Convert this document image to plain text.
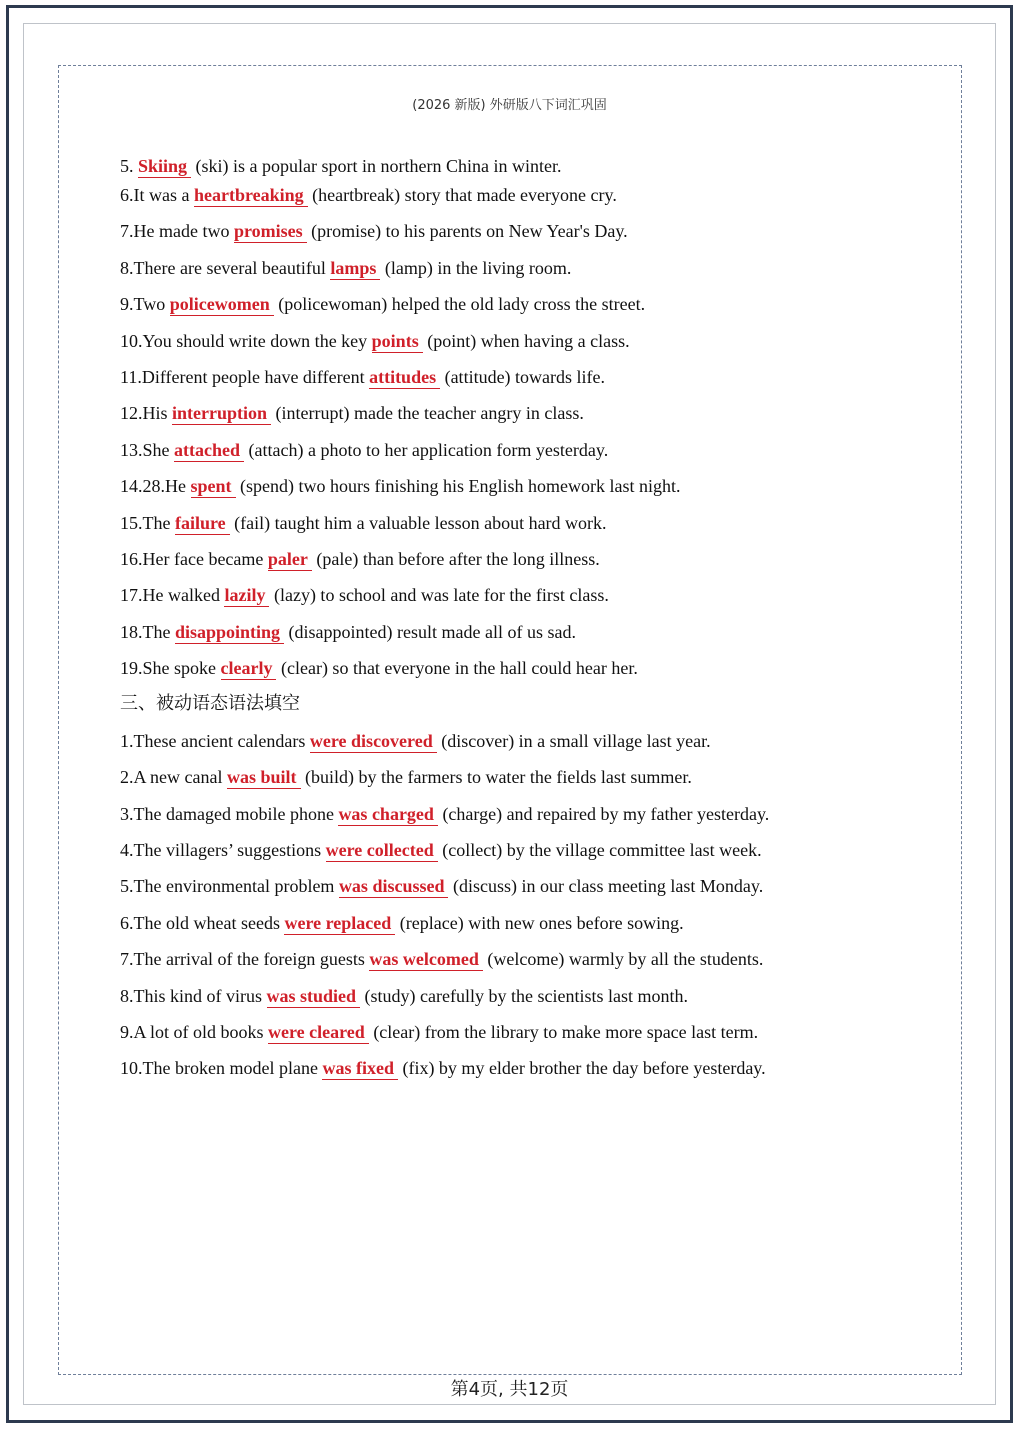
(2026 新版) 外研版八下词汇巩固
5. Skiing (ski) is a popular sport in northern China in winter.
6.It was a heartbreaking (heartbreak) story that made everyone cry.
7.He made two promises (promise) to his parents on New Year's Day.
8.There are several beautiful lamps (lamp) in the living room.
9.Two policewomen (policewoman) helped the old lady cross the street.
10.You should write down the key points (point) when having a class.
11.Different people have different attitudes (attitude) towards life.
12.His interruption (interrupt) made the teacher angry in class.
13.She attached (attach) a photo to her application form yesterday.
14.28.He spent (spend) two hours finishing his English homework last night.
15.The failure (fail) taught him a valuable lesson about hard work.
16.Her face became paler (pale) than before after the long illness.
17.He walked lazily (lazy) to school and was late for the first class.
18.The disappointing (disappointed) result made all of us sad.
19.She spoke clearly (clear) so that everyone in the hall could hear her.
三、被动语态语法填空
1.These ancient calendars were discovered (discover) in a small village last year.
2.A new canal was built (build) by the farmers to water the fields last summer.
3.The damaged mobile phone was charged (charge) and repaired by my father yesterday.
4.The villagers’ suggestions were collected (collect) by the village committee last week.
5.The environmental problem was discussed (discuss) in our class meeting last Monday.
6.The old wheat seeds were replaced (replace) with new ones before sowing.
7.The arrival of the foreign guests was welcomed (welcome) warmly by all the students.
8.This kind of virus was studied (study) carefully by the scientists last month.
9.A lot of old books were cleared (clear) from the library to make more space last term.
10.The broken model plane was fixed (fix) by my elder brother the day before yesterday.
第4页, 共12页
